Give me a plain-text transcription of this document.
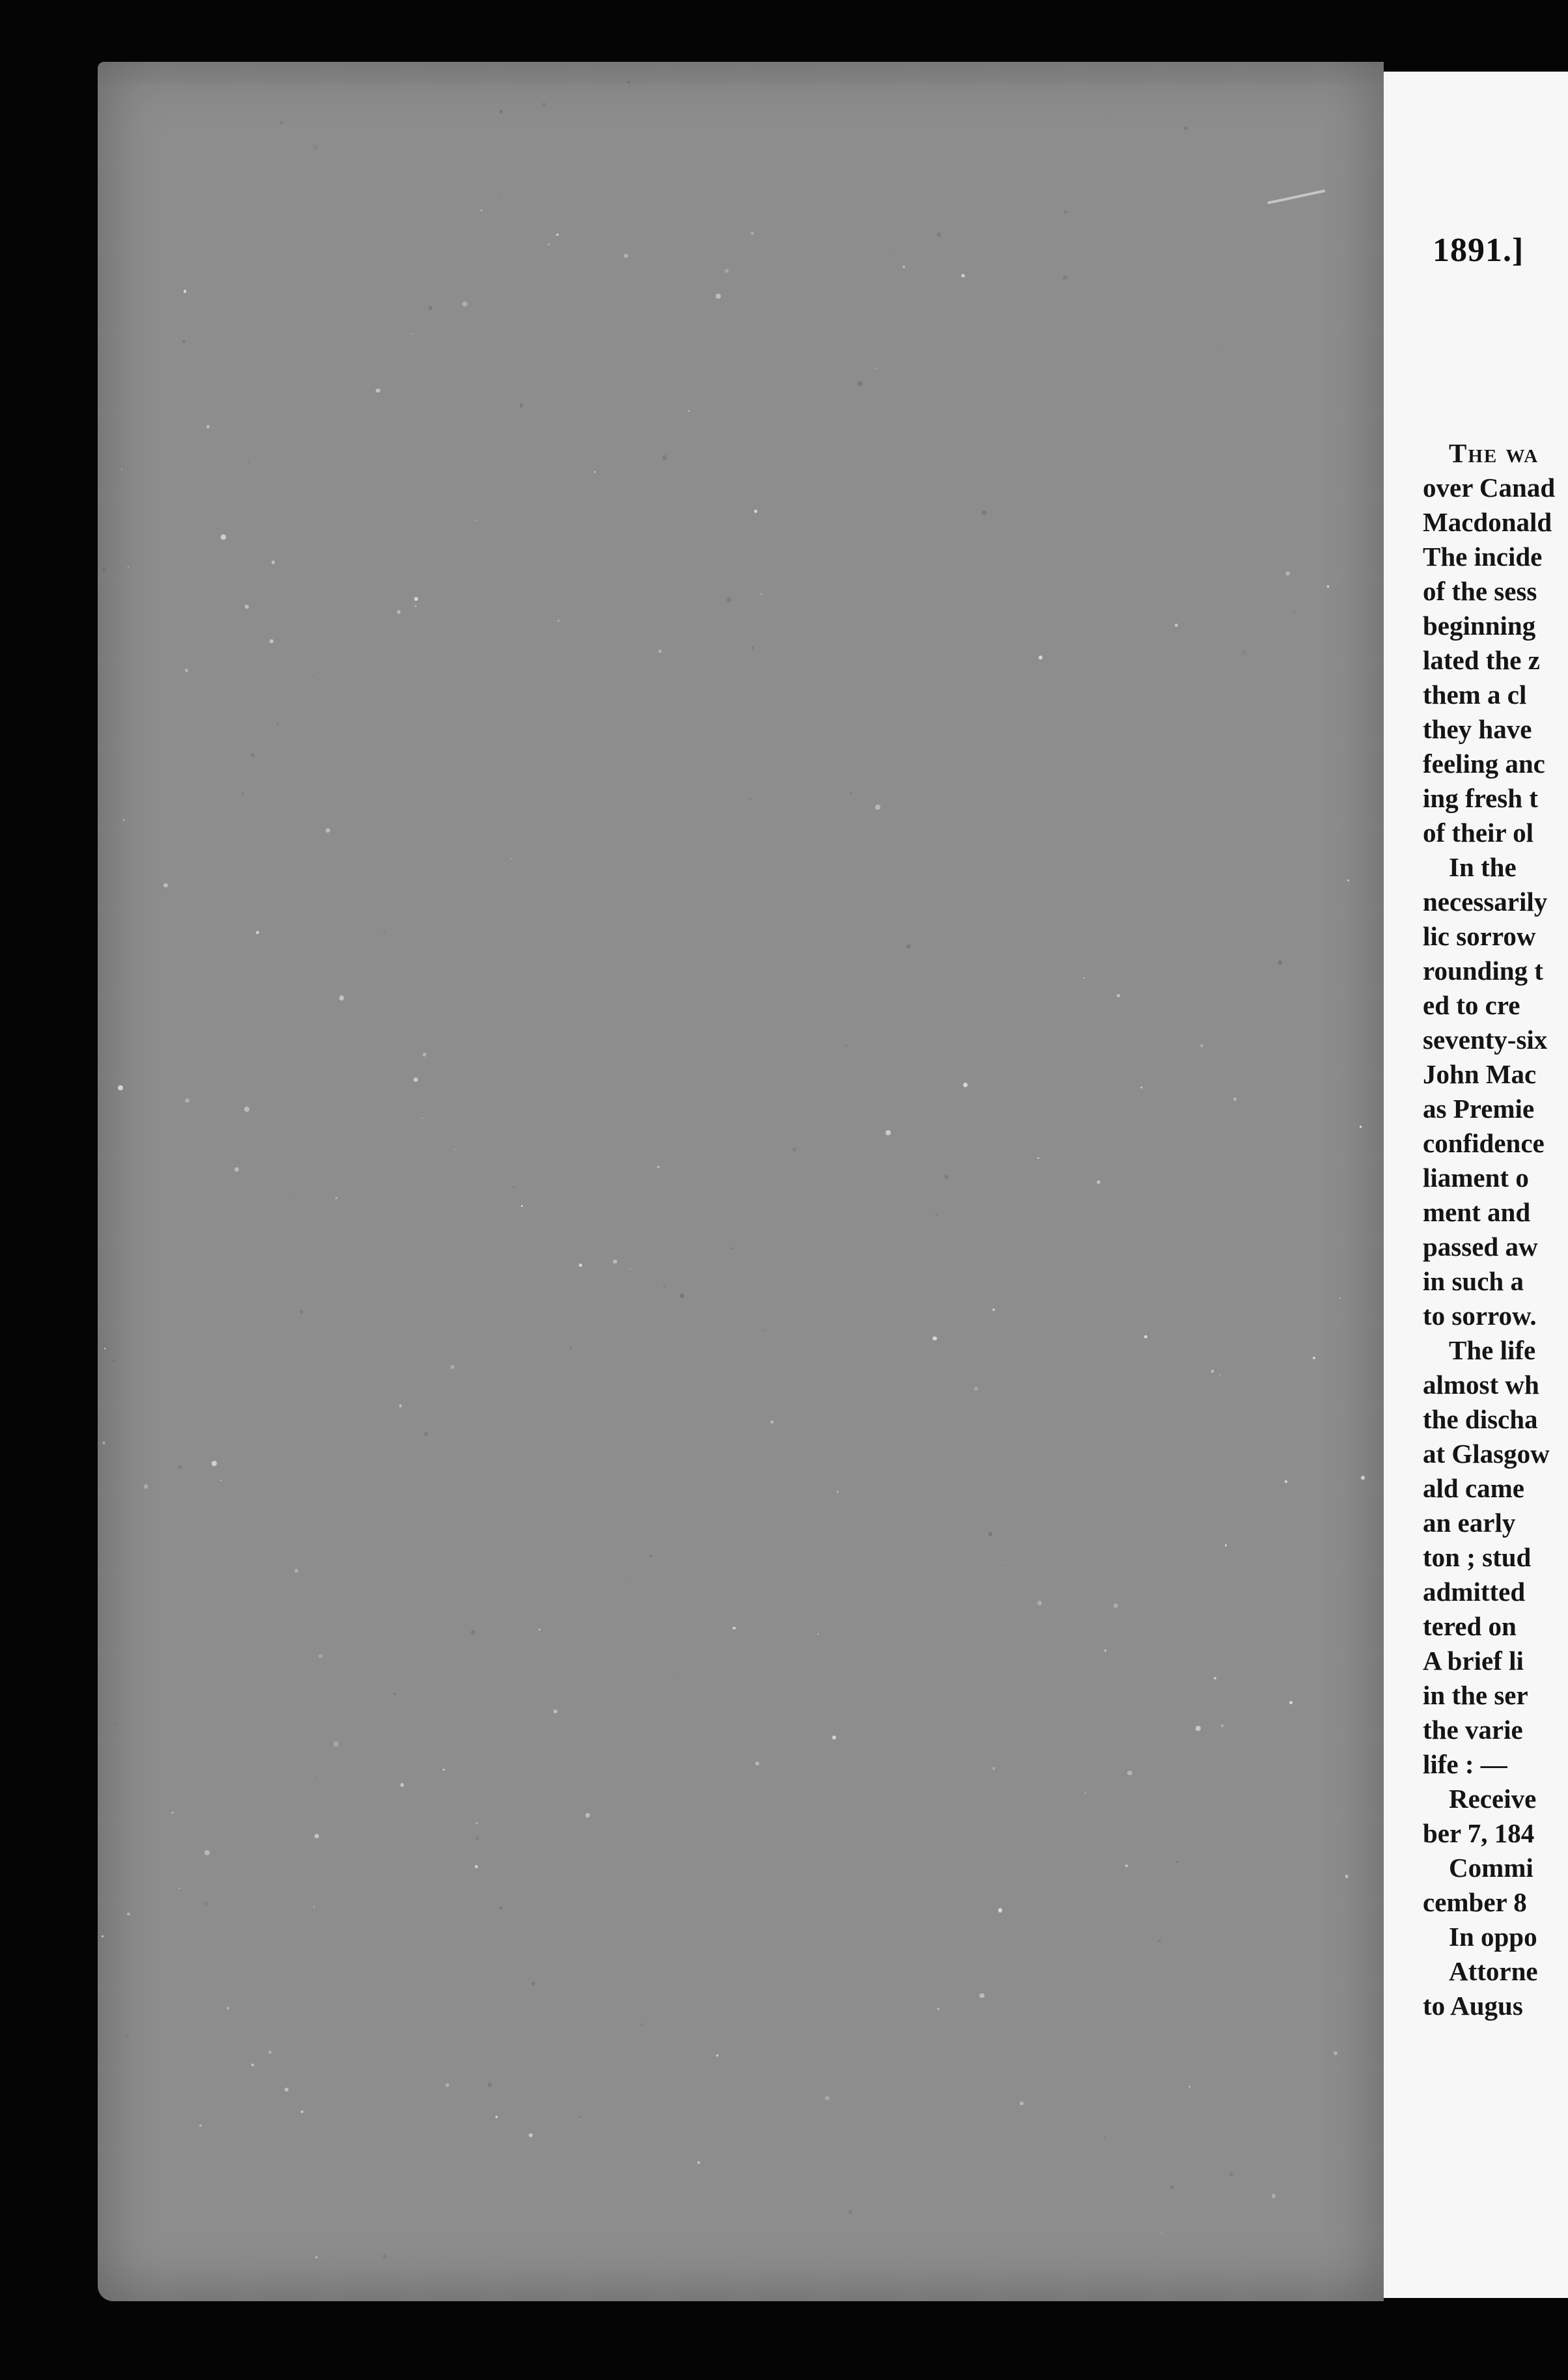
1891.]
The wa
over Canad
Macdonald
The incide
of the sess
beginning
lated the z
them a cl
they have
feeling anc
ing fresh t
of their ol
In the
necessarily
lic sorrow
rounding t
ed to cre
seventy-six
John Mac
as Premie
confidence
liament o
ment and
passed aw
in such a
to sorrow.
The life
almost wh
the discha
at Glasgow
ald came
an early
ton ; stud
admitted
tered on
A brief li
in the ser
the varie
life : —
Receive
ber 7, 184
Commi
cember 8
In oppo
Attorne
to Augus
